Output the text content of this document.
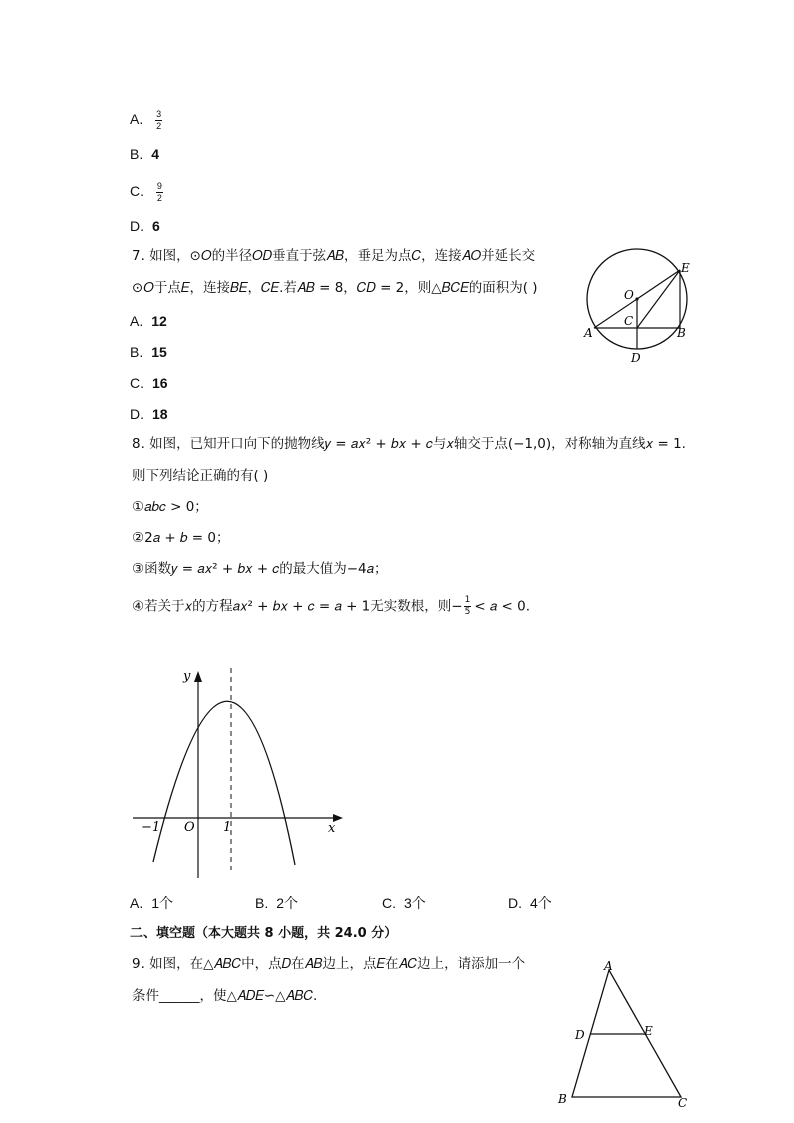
A. $\frac{3}{2}$
B. 4
C. $\frac{9}{2}$
D. 6
7. 如图，⊙𝑂的半径𝑂𝐷垂直于弦𝐴𝐵，垂足为点𝐶，连接𝐴𝑂并延长交
⊙𝑂于点𝐸，连接𝐵𝐸，𝐶𝐸.若𝐴𝐵 = 8，𝐶𝐷 = 2，则△𝐵𝐶𝐸的面积为( )
A. 12
B. 15
C. 16
D. 18
E
O
C
A	B
D
8. 如图，已知开口向下的抛物线𝑦 = 𝑎𝑥² + 𝑏𝑥 + 𝑐与𝑥轴交于点(−1,0)，对称轴为直线𝑥 = 1.
则下列结论正确的有( )
①𝑎𝑏𝑐 > 0；
②2𝑎 + 𝑏 = 0；
③函数𝑦 = 𝑎𝑥² + 𝑏𝑥 + 𝑐的最大值为−4𝑎；
④若关于𝑥的方程𝑎𝑥² + 𝑏𝑥 + 𝑐 = 𝑎 + 1无实数根，则− $\frac{1}{5}$ < 𝑎 < 0.
y
x
−1 O 1
A. 1个	B. 2个	C. 3个	D. 4个
二、填空题（本大题共 8 小题，共 24.0 分）
9. 如图，在△𝐴𝐵𝐶中，点𝐷在𝐴𝐵边上，点𝐸在𝐴𝐶边上，请添加一个
条件______，使△𝐴𝐷𝐸∽△𝐴𝐵𝐶.
A
D	E
B	C
